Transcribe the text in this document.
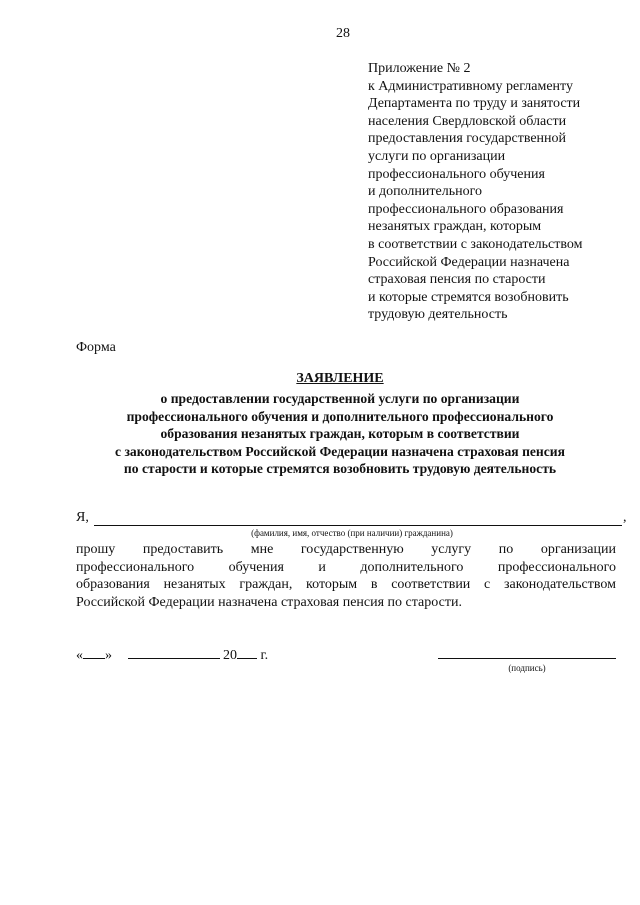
28
Приложение № 2
к Административному регламенту
Департамента по труду и занятости
населения Свердловской области
предоставления государственной
услуги по организации
профессионального обучения
и дополнительного
профессионального образования
незанятых граждан, которым
в соответствии с законодательством
Российской Федерации назначена
страховая пенсия по старости
и которые стремятся возобновить
трудовую деятельность
Форма
ЗАЯВЛЕНИЕ
о предоставлении государственной услуги по организации
профессионального обучения и дополнительного профессионального
образования незанятых граждан, которым в соответствии
с законодательством Российской Федерации назначена страховая пенсия
по старости и которые стремятся возобновить трудовую деятельность
Я,	,
(фамилия, имя, отчество (при наличии) гражданина)
прошу предоставить мне государственную услугу по организации
профессионального обучения и дополнительного профессионального
образования незанятых граждан, которым в соответствии с законодательством
Российской Федерации назначена страховая пенсия по старости.
« »	20 г.
(подпись)
